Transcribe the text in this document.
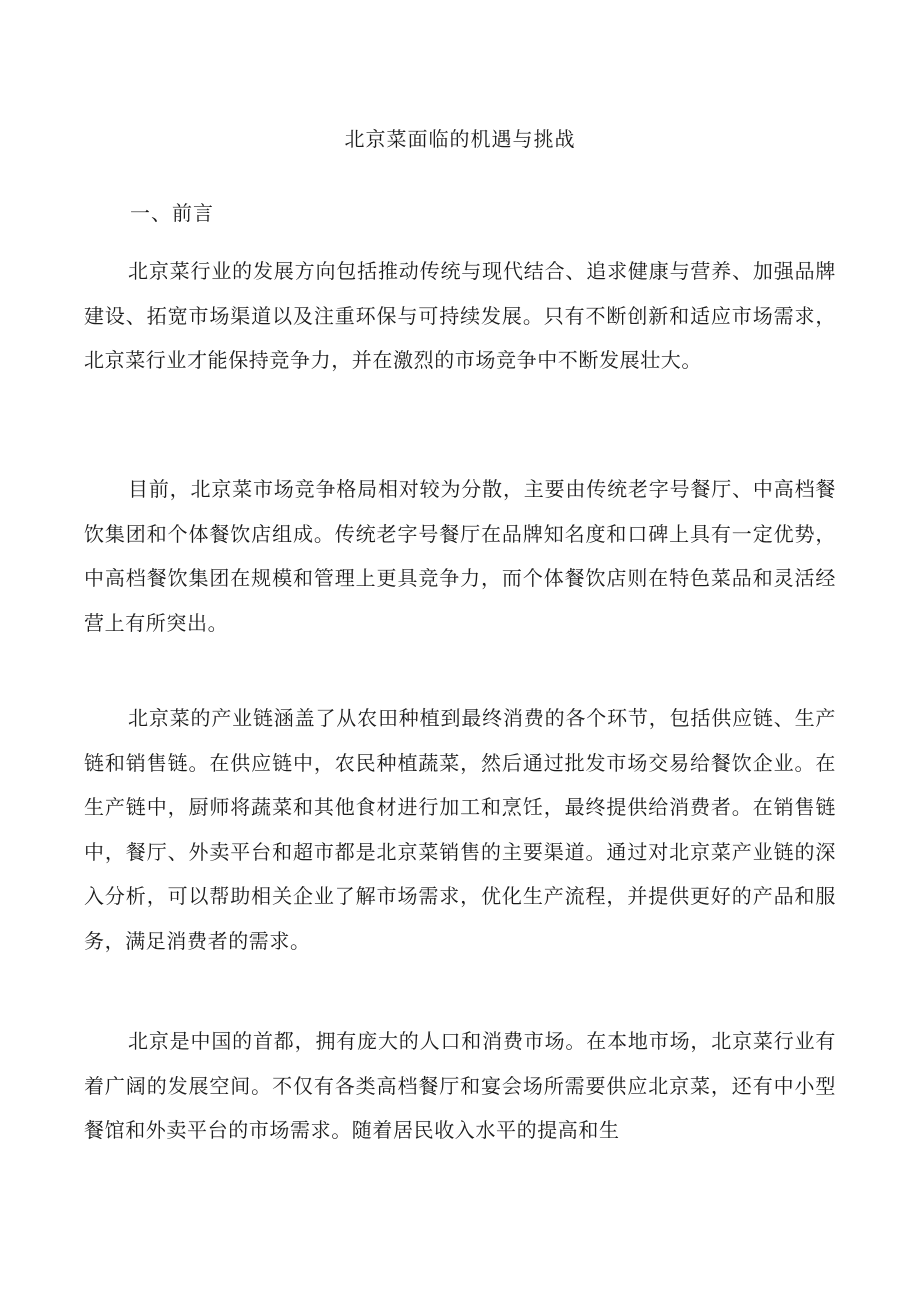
北京菜面临的机遇与挑战
一、前言

北京菜行业的发展方向包括推动传统与现代结合、追求健康与营养、加强品牌建设、拓宽市场渠道以及注重环保与可持续发展。只有不断创新和适应市场需求，北京菜行业才能保持竞争力，并在激烈的市场竞争中不断发展壮大。

目前，北京菜市场竞争格局相对较为分散，主要由传统老字号餐厅、中高档餐饮集团和个体餐饮店组成。传统老字号餐厅在品牌知名度和口碑上具有一定优势，中高档餐饮集团在规模和管理上更具竞争力，而个体餐饮店则在特色菜品和灵活经营上有所突出。

北京菜的产业链涵盖了从农田种植到最终消费的各个环节，包括供应链、生产链和销售链。在供应链中，农民种植蔬菜，然后通过批发市场交易给餐饮企业。在生产链中，厨师将蔬菜和其他食材进行加工和烹饪，最终提供给消费者。在销售链中，餐厅、外卖平台和超市都是北京菜销售的主要渠道。通过对北京菜产业链的深入分析，可以帮助相关企业了解市场需求，优化生产流程，并提供更好的产品和服务，满足消费者的需求。

北京是中国的首都，拥有庞大的人口和消费市场。在本地市场，北京菜行业有着广阔的发展空间。不仅有各类高档餐厅和宴会场所需要供应北京菜，还有中小型餐馆和外卖平台的市场需求。随着居民收入水平的提高和生
